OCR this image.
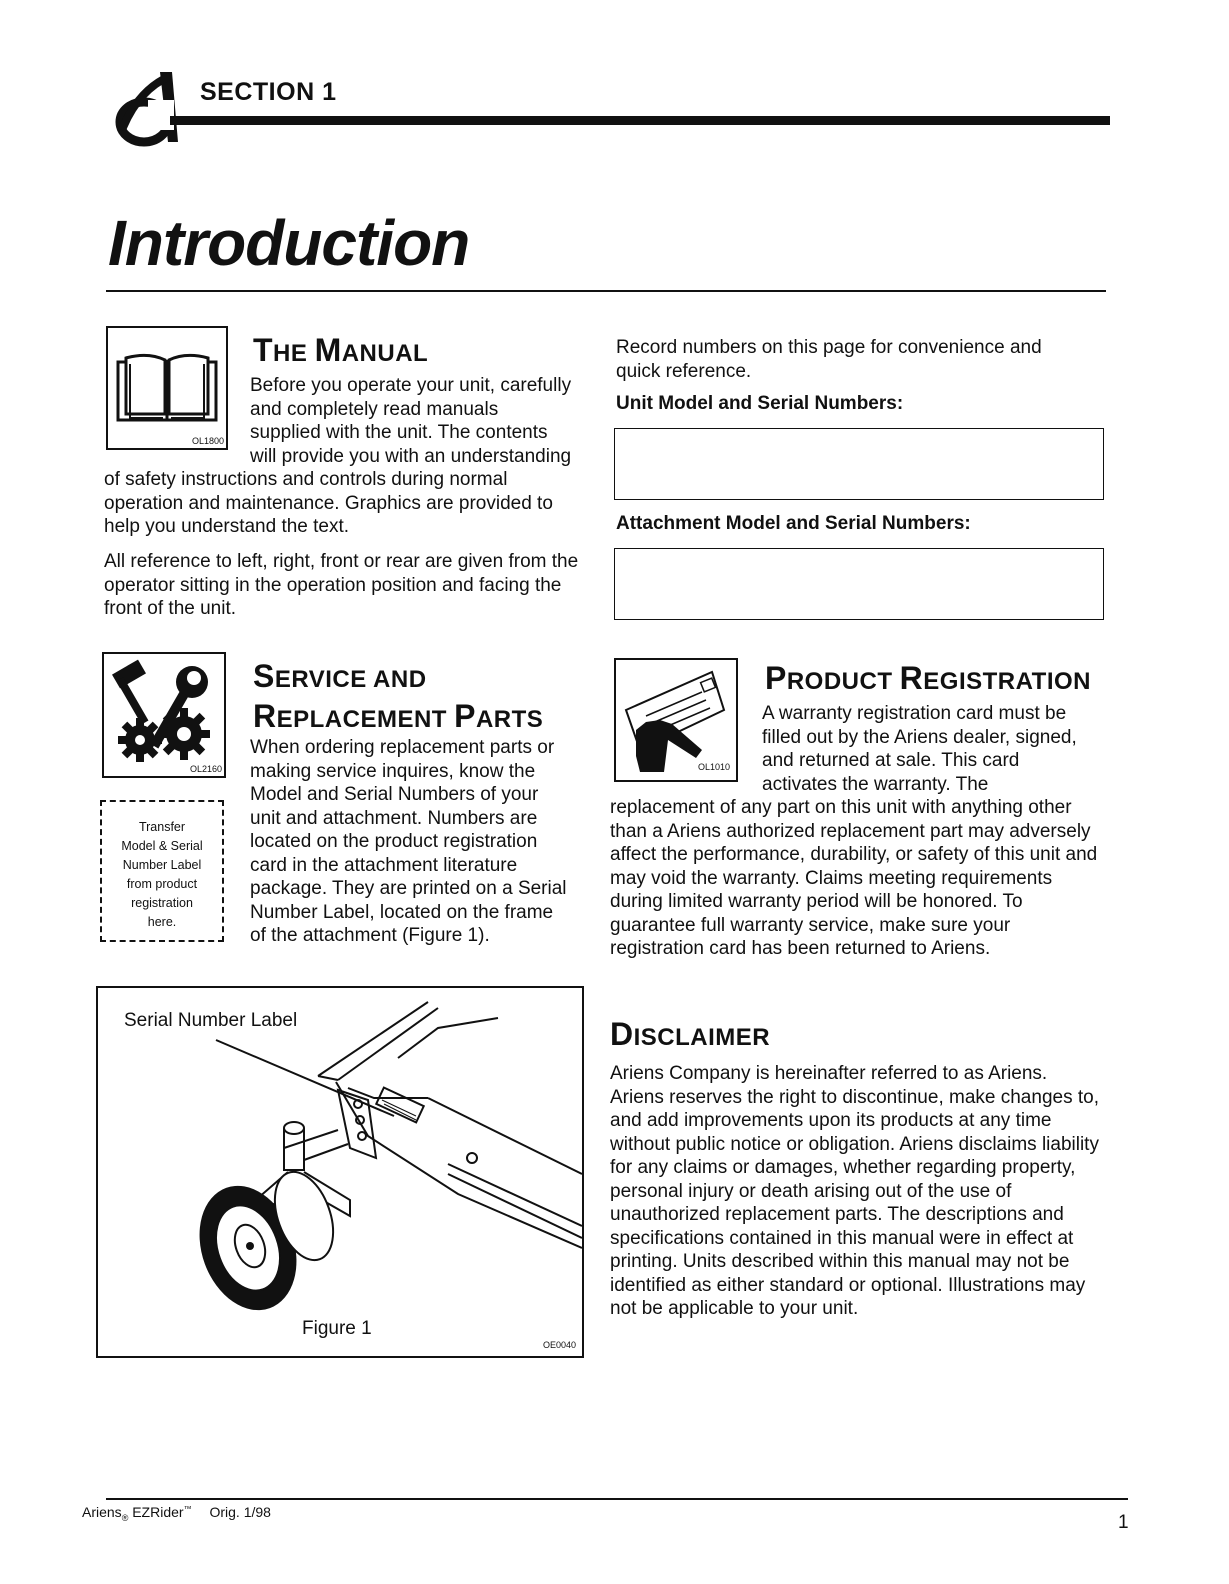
SECTION 1
Introduction
OL1800
THE MANUAL
Before you operate your unit, carefully
and completely read manuals
supplied with the unit. The contents
will provide you with an understanding

of safety instructions and controls during normal operation and maintenance. Graphics are provided to help you understand the text.

All reference to left, right, front or rear are given from the operator sitting in the operation position and facing the front of the unit.

Record numbers on this page for convenience and quick reference.

Unit Model and Serial Numbers:
Attachment Model and Serial Numbers:
OL2160
SERVICE AND
REPLACEMENT PARTS
When ordering replacement parts or
making service inquires, know the
Model and Serial Numbers of your
unit and attachment. Numbers are
located on the product registration
card in the attachment literature
package. They are printed on a Serial
Number Label, located on the frame
of the attachment (Figure 1).
Transfer
Model & Serial
Number Label
from product
registration
here.
Serial Number Label
Figure 1
OE0040
OL1010
PRODUCT REGISTRATION
A warranty registration card must be
filled out by the Ariens dealer, signed,
and returned at sale. This card
activates the warranty. The

replacement of any part on this unit with anything other than a Ariens authorized replacement part may adversely affect the performance, durability, or safety of this unit and may void the warranty. Claims meeting requirements during limited warranty period will be honored. To guarantee full warranty service, make sure your registration card has been returned to Ariens.

DISCLAIMER

Ariens Company is hereinafter referred to as Ariens. Ariens reserves the right to discontinue, make changes to, and add improvements upon its products at any time without public notice or obligation. Ariens disclaims liability for any claims or damages, whether regarding property, personal injury or death arising out of the use of unauthorized replacement parts. The descriptions and specifications contained in this manual were in effect at printing. Units described within this manual may not be identified as either standard or optional. Illustrations may not be applicable to your unit.

Ariens$_®$ EZRider™ Orig. 1/98	1
